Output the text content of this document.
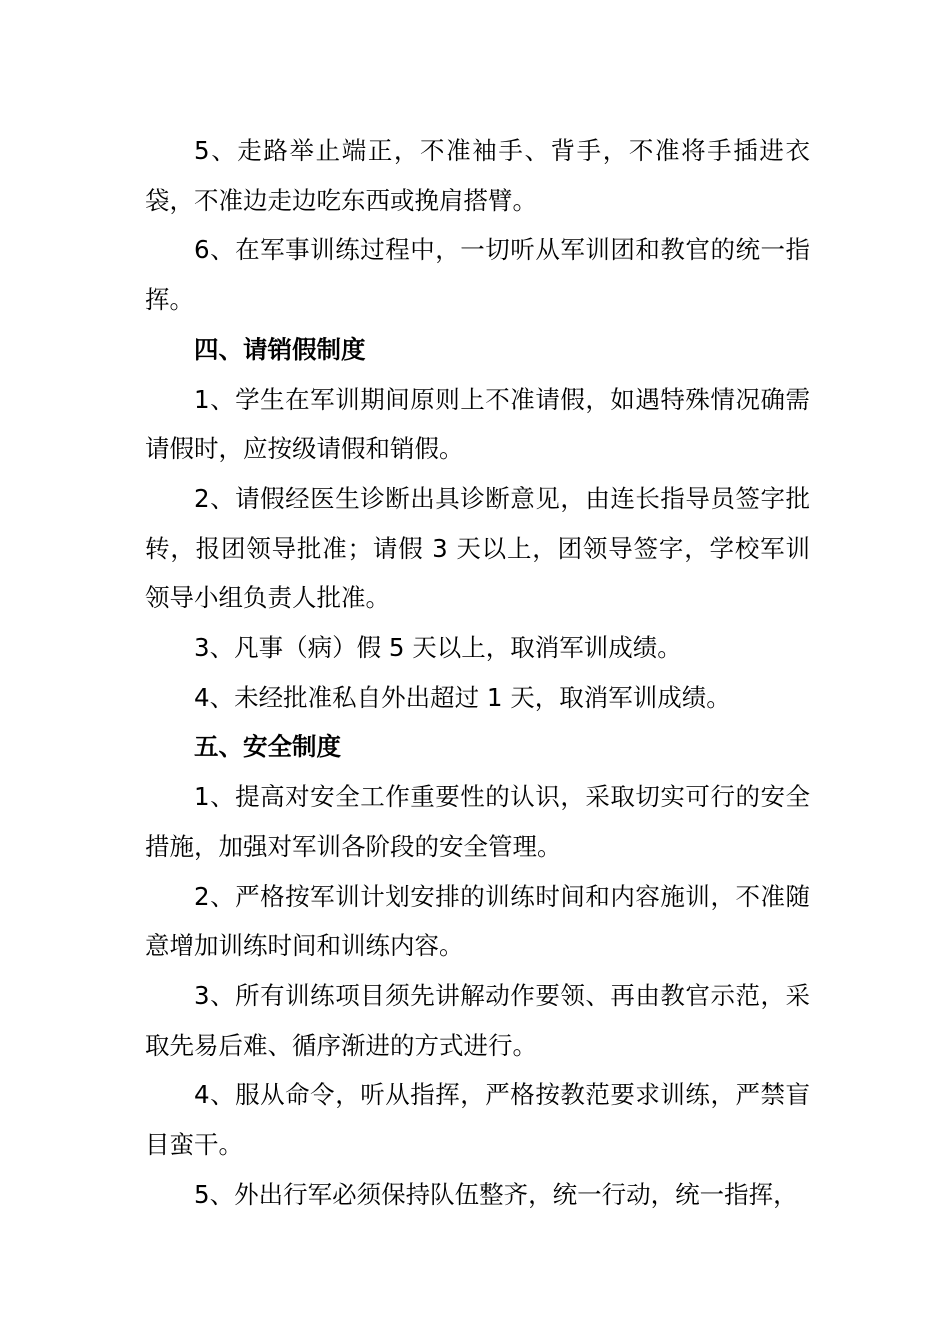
5、走路举止端正，不准袖手、背手，不准将手插进衣袋，不准边走边吃东西或挽肩搭臂。

6、在军事训练过程中，一切听从军训团和教官的统一指挥。

四、请销假制度

1、学生在军训期间原则上不准请假，如遇特殊情况确需请假时，应按级请假和销假。

2、请假经医生诊断出具诊断意见，由连长指导员签字批转，报团领导批准；请假 3 天以上，团领导签字，学校军训领导小组负责人批准。

3、凡事（病）假 5 天以上，取消军训成绩。

4、未经批准私自外出超过 1 天，取消军训成绩。

五、安全制度

1、提高对安全工作重要性的认识，采取切实可行的安全措施，加强对军训各阶段的安全管理。

2、严格按军训计划安排的训练时间和内容施训，不准随意增加训练时间和训练内容。

3、所有训练项目须先讲解动作要领、再由教官示范，采取先易后难、循序渐进的方式进行。

4、服从命令，听从指挥，严格按教范要求训练，严禁盲目蛮干。

5、外出行军必须保持队伍整齐，统一行动，统一指挥，
